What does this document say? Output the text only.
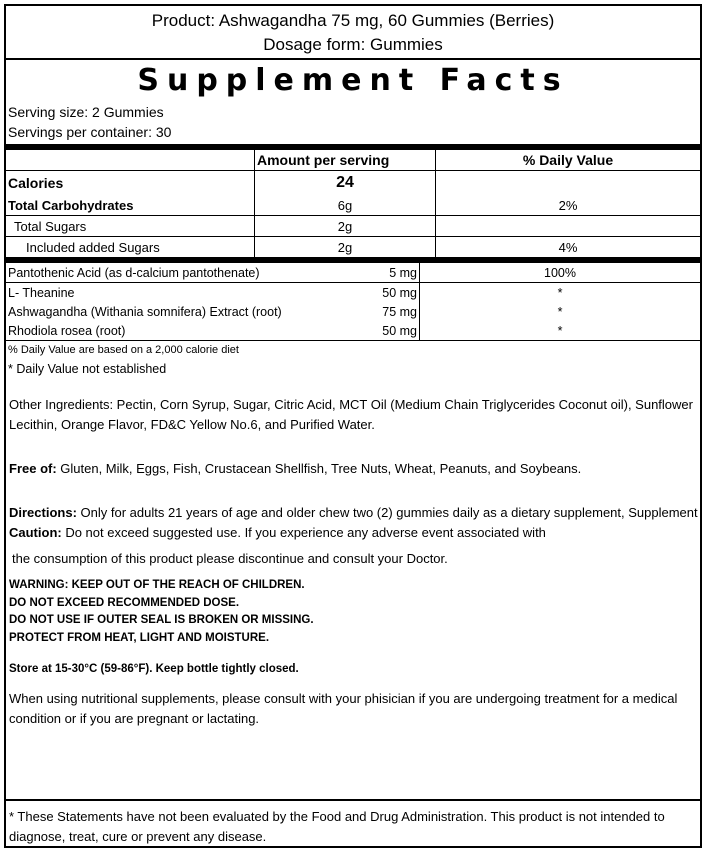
Product: Ashwagandha 75 mg, 60 Gummies (Berries)
Dosage form: Gummies
Supplement Facts
Serving size: 2 Gummies
Servings per container: 30
	Amount per serving	% Daily Value
Calories	24	
Total Carbohydrates	6g	2%
Total Sugars	2g	
Included added Sugars	2g	4%
Pantothenic Acid (as d-calcium pantothenate)	5 mg	100%
L- Theanine	50 mg	*
Ashwagandha (Withania somnifera) Extract (root)	75 mg	*
Rhodiola rosea (root)	50 mg	*
% Daily Value are based on a 2,000 calorie diet
* Daily Value not established
Other Ingredients: Pectin, Corn Syrup, Sugar, Citric Acid, MCT Oil (Medium Chain Triglycerides Coconut oil), Sunflower Lecithin, Orange Flavor, FD&C Yellow No.6, and Purified Water.
Free of: Gluten, Milk, Eggs, Fish, Crustacean Shellfish, Tree Nuts, Wheat, Peanuts, and Soybeans.
Directions: Only for adults 21 years of age and older chew two (2) gummies daily as a dietary supplement, Supplement
Caution: Do not exceed suggested use. If you experience any adverse event associated with
the consumption of this product please discontinue and consult your Doctor.
WARNING: KEEP OUT OF THE REACH OF CHILDREN.
DO NOT EXCEED RECOMMENDED DOSE.
DO NOT USE IF OUTER SEAL IS BROKEN OR MISSING.
PROTECT FROM HEAT, LIGHT AND MOISTURE.
Store at 15-30°C (59-86°F). Keep bottle tightly closed.
When using nutritional supplements, please consult with your phisician if you are undergoing treatment for a medical condition or if you are pregnant or lactating.
* These Statements have not been evaluated by the Food and Drug Administration. This product is not intended to diagnose, treat, cure or prevent any disease.
